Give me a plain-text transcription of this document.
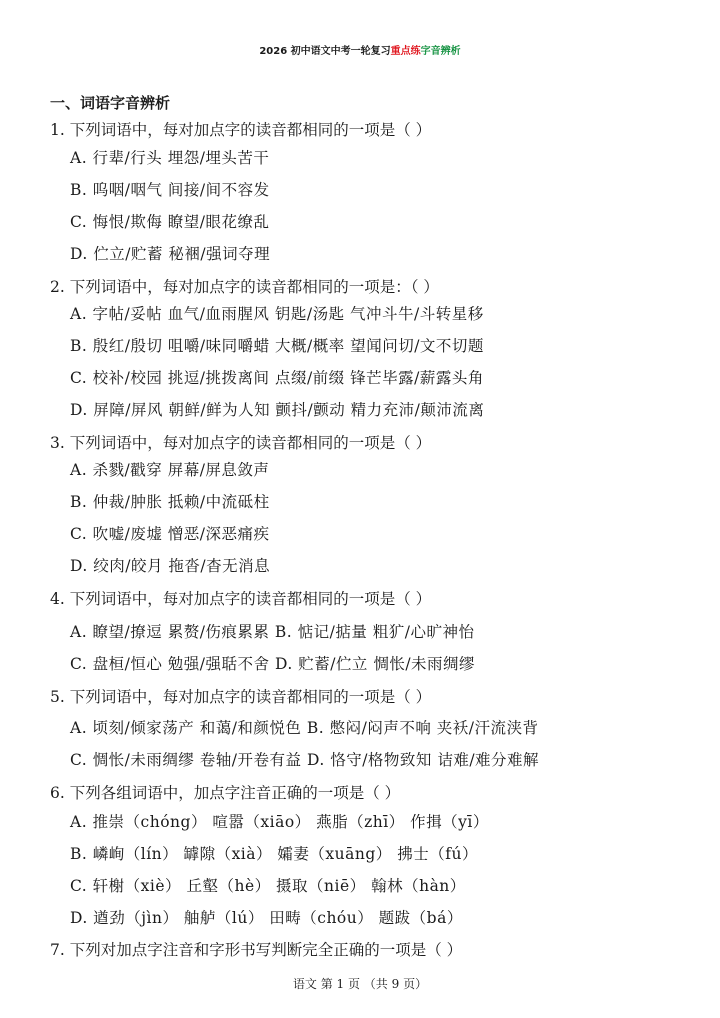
2026 初中语文中考一轮复习重点练字音辨析
一、词语字音辨析
1. 下列词语中，每对加点字的读音都相同的一项是（ ）
A. 行辈/行头 埋怨/埋头苦干
B. 呜咽/咽气 间接/间不容发
C. 悔恨/欺侮 瞭望/眼花缭乱
D. 伫立/贮蓄 秘裍/强词夺理
2. 下列词语中，每对加点字的读音都相同的一项是：（ ）
A. 字帖/妥帖 血气/血雨腥风 钥匙/汤匙 气冲斗牛/斗转星移
B. 殷红/殷切 咀嚼/味同嚼蜡 大概/概率 望闻问切/文不切题
C. 校补/校园 挑逗/挑拨离间 点缀/前缀 锋芒毕露/薪露头角
D. 屏障/屏风 朝鲜/鲜为人知 颤抖/颤动 精力充沛/颠沛流离
3. 下列词语中，每对加点字的读音都相同的一项是（ ）
A. 杀戮/戳穿 屏幕/屏息敛声
B. 仲裁/肿胀 抵赖/中流砥柱
C. 吹嘘/废墟 憎恶/深恶痛疾
D. 绞肉/皎月 拖沓/杳无消息
4. 下列词语中，每对加点字的读音都相同的一项是（ ）
A. 瞭望/撩逗 累赘/伤痕累累 B. 惦记/掂量 粗犷/心旷神怡
C. 盘桓/恒心 勉强/强聒不舍 D. 贮蓄/伫立 惆怅/未雨绸缪
5. 下列词语中，每对加点字的读音都相同的一项是（ ）
A. 顷刻/倾家荡产 和蔼/和颜悦色 B. 憋闷/闷声不响 夹袄/汗流浃背
C. 惆怅/未雨绸缪 卷轴/开卷有益 D. 恪守/格物致知 诘难/难分难解
6. 下列各组词语中，加点字注音正确的一项是（ ）
A. 推崇（chóng） 喧嚣（xiāo） 燕脂（zhī） 作揖（yī）
B. 嶙峋（lín） 罅隙（xià） 孀妻（xuāng） 拂士（fú）
C. 轩榭（xiè） 丘壑（hè） 摄取（niē） 翰林（hàn）
D. 遒劲（jìn） 舳舻（lú） 田畴（chóu） 题跋（bá）
7. 下列对加点字注音和字形书写判断完全正确的一项是（ ）
语文 第 1 页 （共 9 页）
